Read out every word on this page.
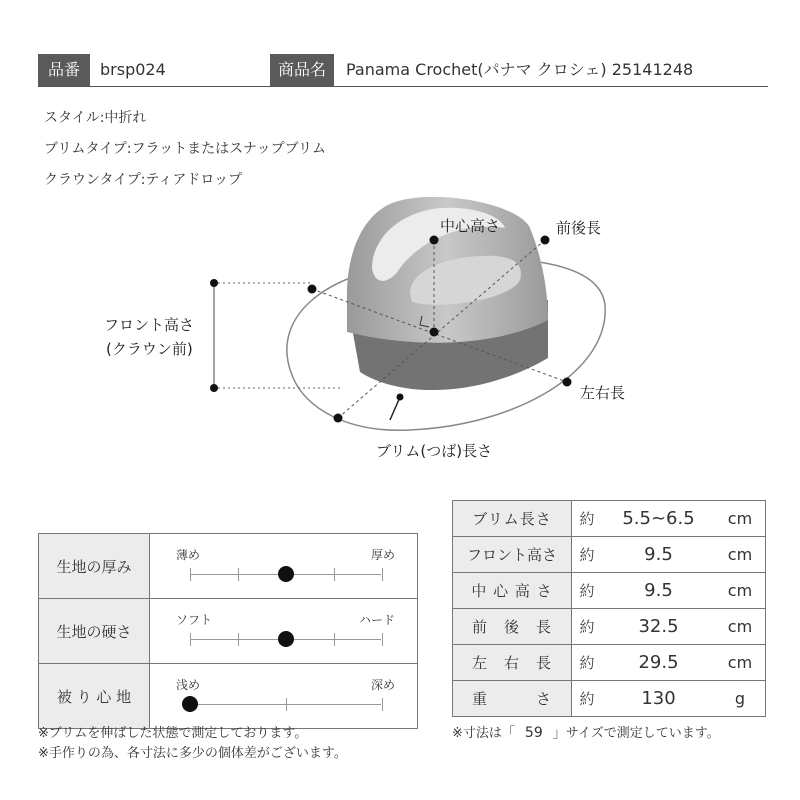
品番	brsp024	商品名	Panama Crochet(パナマ クロシェ) 25141248
スタイル:中折れ
ブリムタイプ:フラットまたはスナップブリム
クラウンタイプ:ティアドロップ
中心高さ	前後長
フロント高さ
(クラウン前)
左右長
ブリム(つば)長さ
生地の厚み	薄め 厚め

生地の硬さ	ソフト ハード

被 り 心 地	浅め 深め
ブリム長さ	約	5.5~6.5	cm
フロント高さ	約	9.5	cm
中 心 高 さ	約	9.5	cm
前　後　長	約	32.5	cm
左　右　長	約	29.5	cm
重　　　さ	約	130	g
※ブリムを伸ばした状態で測定しております。
※手作りの為、各寸法に多少の個体差がございます。
※寸法は「 59 」サイズで測定しています。
